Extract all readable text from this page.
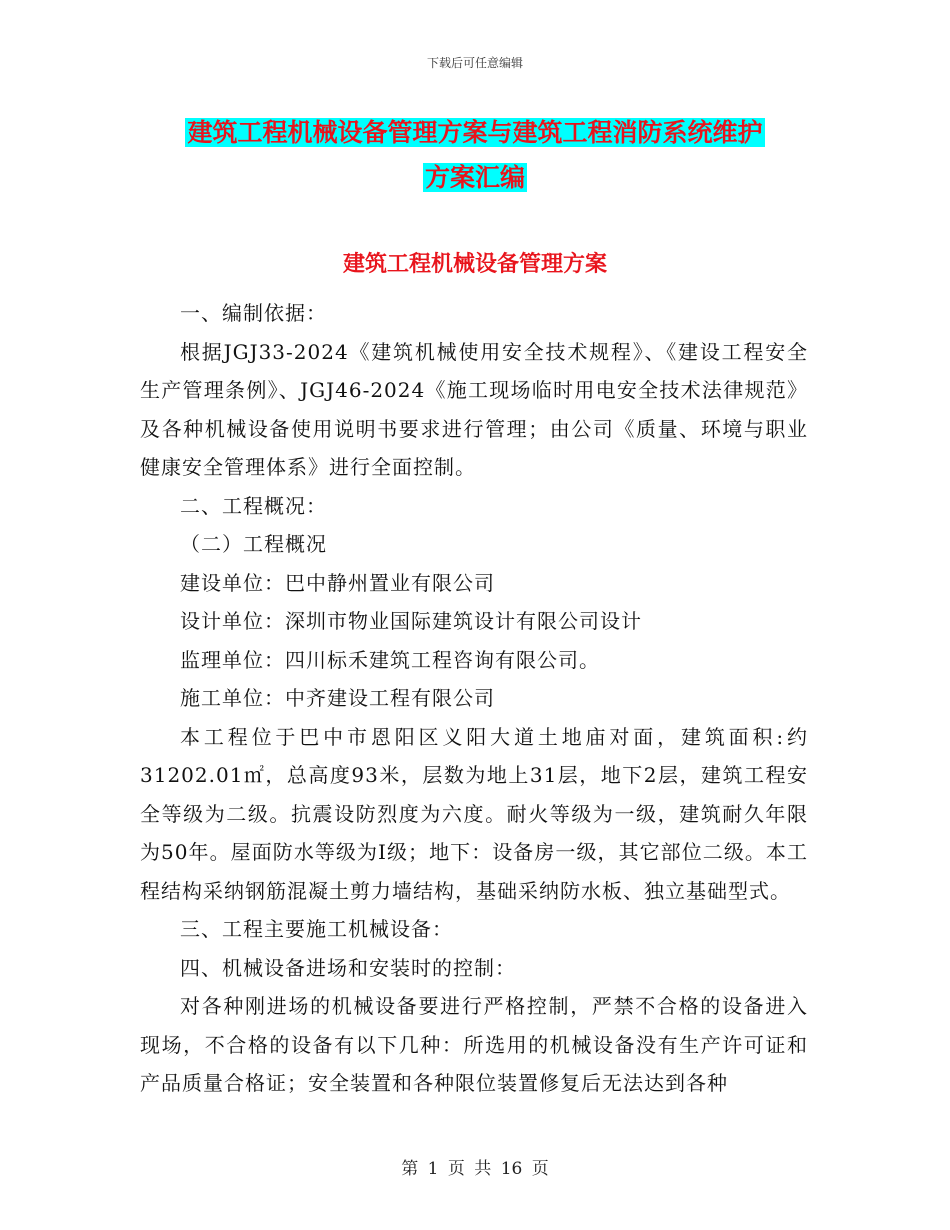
下载后可任意编辑
建筑工程机械设备管理方案与建筑工程消防系统维护
方案汇编
建筑工程机械设备管理方案

一、编制依据：

根据JGJ33-2024《建筑机械使用安全技术规程》、《建设工程安全生产管理条例》、JGJ46-2024《施工现场临时用电安全技术法律规范》及各种机械设备使用说明书要求进行管理；由公司《质量、环境与职业健康安全管理体系》进行全面控制。

二、工程概况：

（二）工程概况

建设单位：巴中静州置业有限公司

设计单位：深圳市物业国际建筑设计有限公司设计

监理单位：四川标禾建筑工程咨询有限公司。

施工单位：中齐建设工程有限公司

本工程位于巴中市恩阳区义阳大道土地庙对面，建筑面积:约31202.01㎡，总高度93米，层数为地上31层，地下2层，建筑工程安全等级为二级。抗震设防烈度为六度。耐火等级为一级，建筑耐久年限为50年。屋面防水等级为I级；地下：设备房一级，其它部位二级。本工程结构采纳钢筋混凝土剪力墙结构，基础采纳防水板、独立基础型式。

三、工程主要施工机械设备：

四、机械设备进场和安装时的控制：

对各种刚进场的机械设备要进行严格控制，严禁不合格的设备进入现场，不合格的设备有以下几种：所选用的机械设备没有生产许可证和产品质量合格证；安全装置和各种限位装置修复后无法达到各种

第 1 页 共 16 页
